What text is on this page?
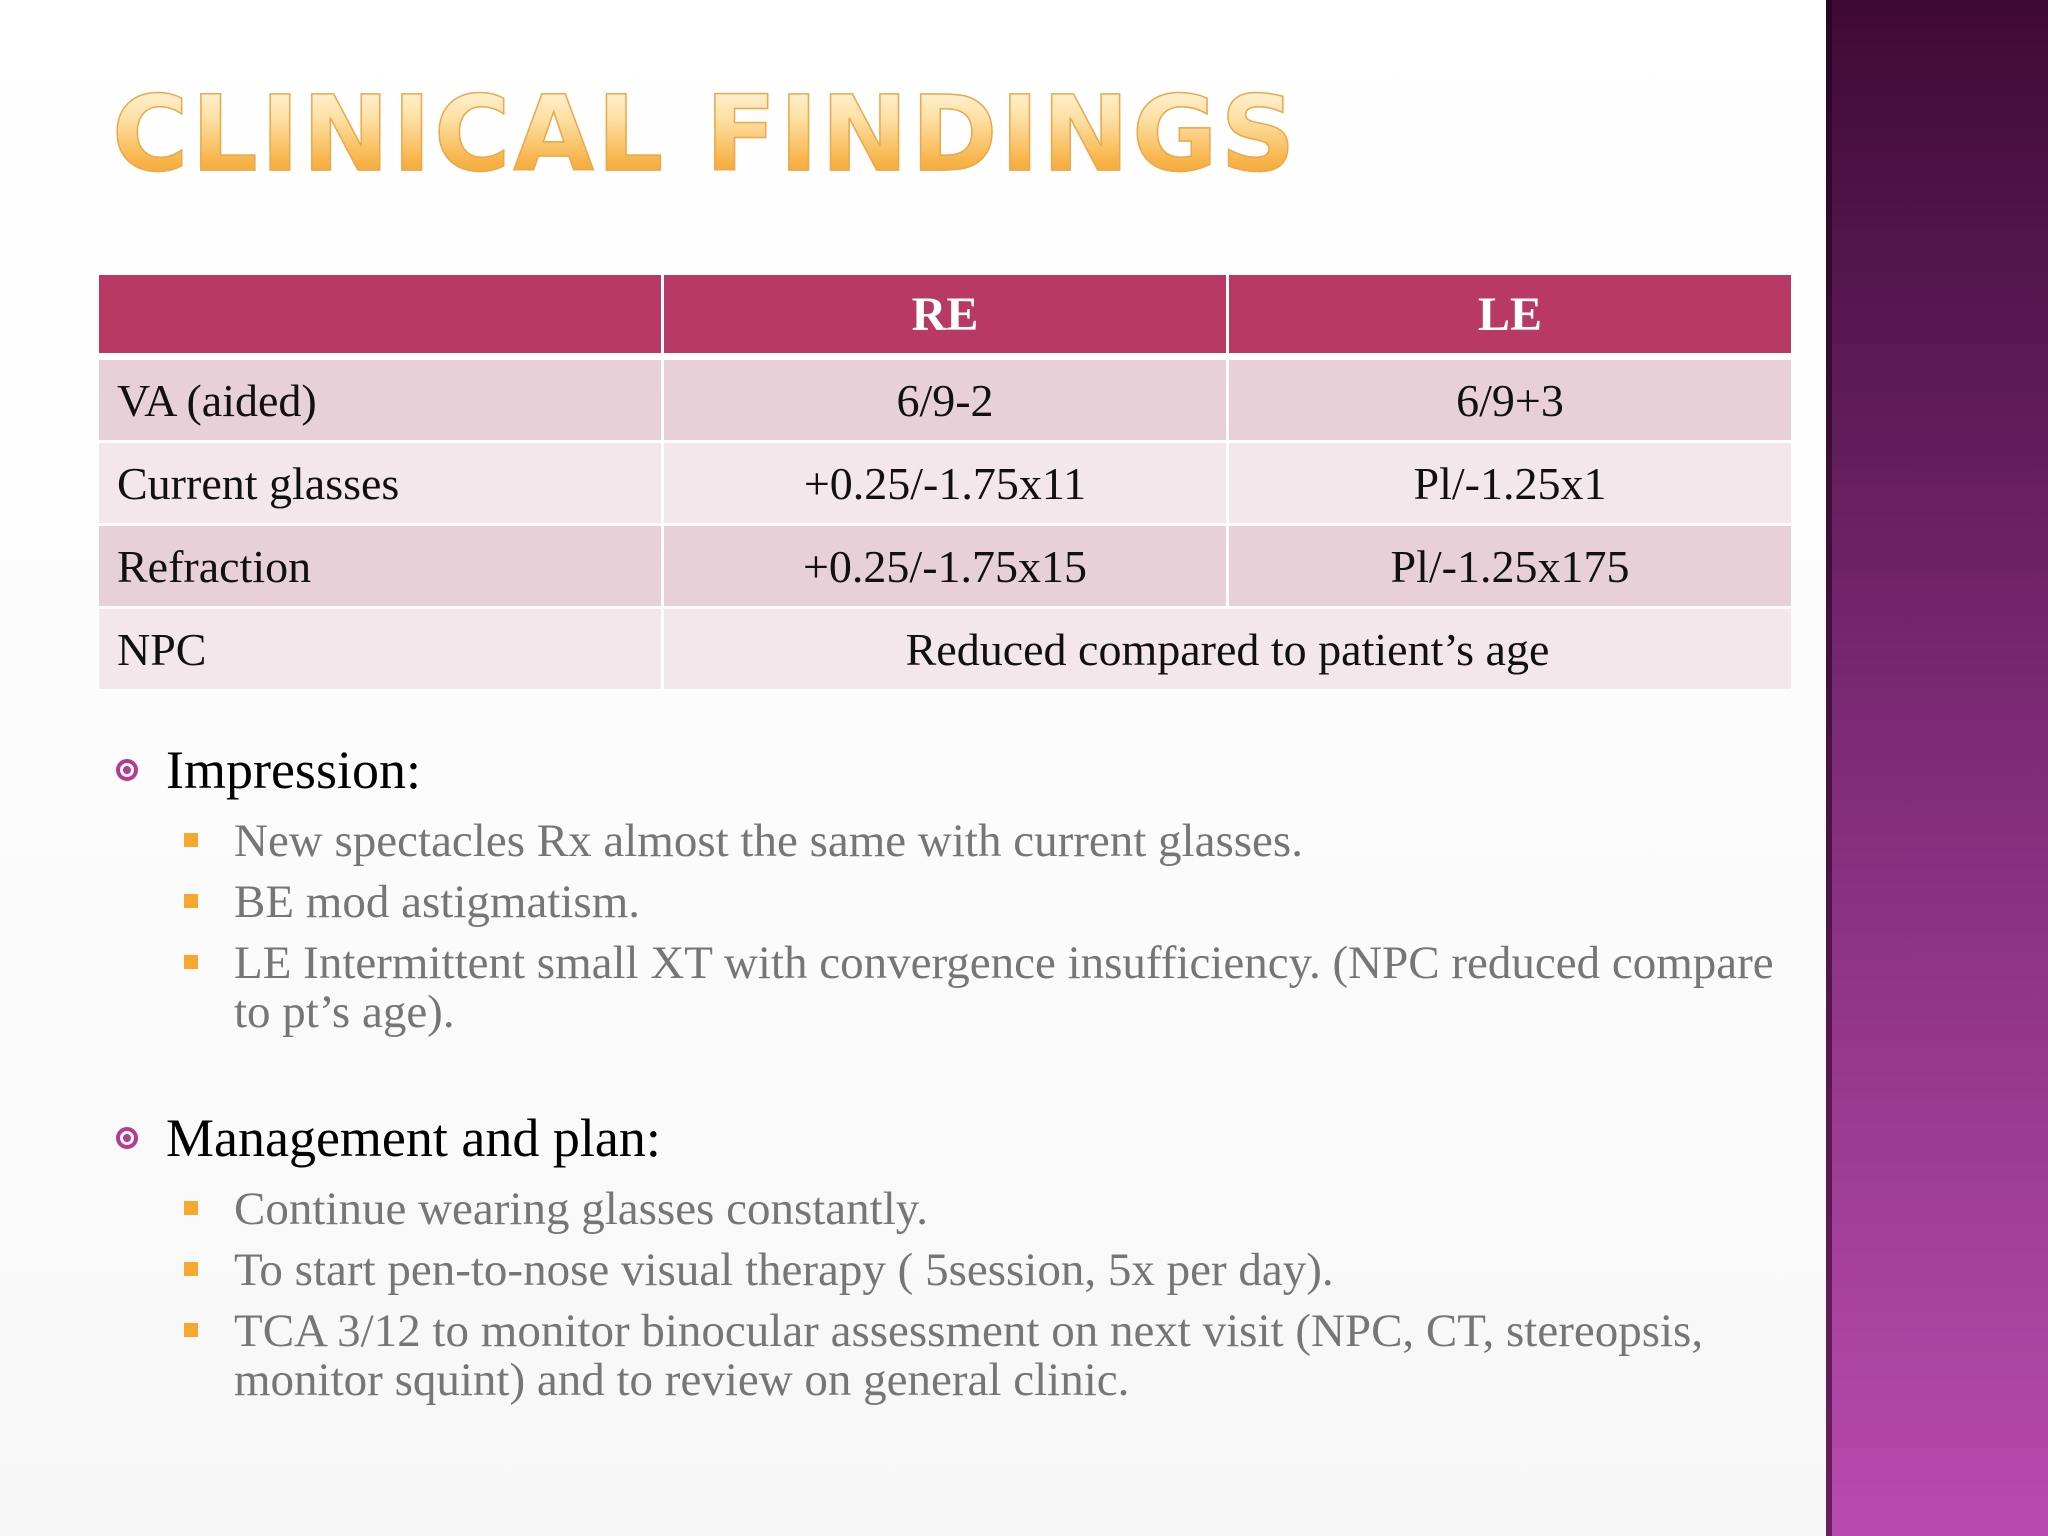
CLINICAL FINDINGS
	RE	LE
VA (aided)	6/9-2	6/9+3
Current glasses	+0.25/-1.75x11	Pl/-1.25x1
Refraction	+0.25/-1.75x15	Pl/-1.25x175
NPC	Reduced compared to patient’s age	
Impression:
New spectacles Rx almost the same with current glasses.
BE mod astigmatism.
LE Intermittent small XT with convergence insufficiency. (NPC reduced compare to pt’s age).
Management and plan:
Continue wearing glasses constantly.
To start pen-to-nose visual therapy ( 5session, 5x per day).
TCA 3/12 to monitor binocular assessment on next visit (NPC, CT, stereopsis, monitor squint) and to review on general clinic.
